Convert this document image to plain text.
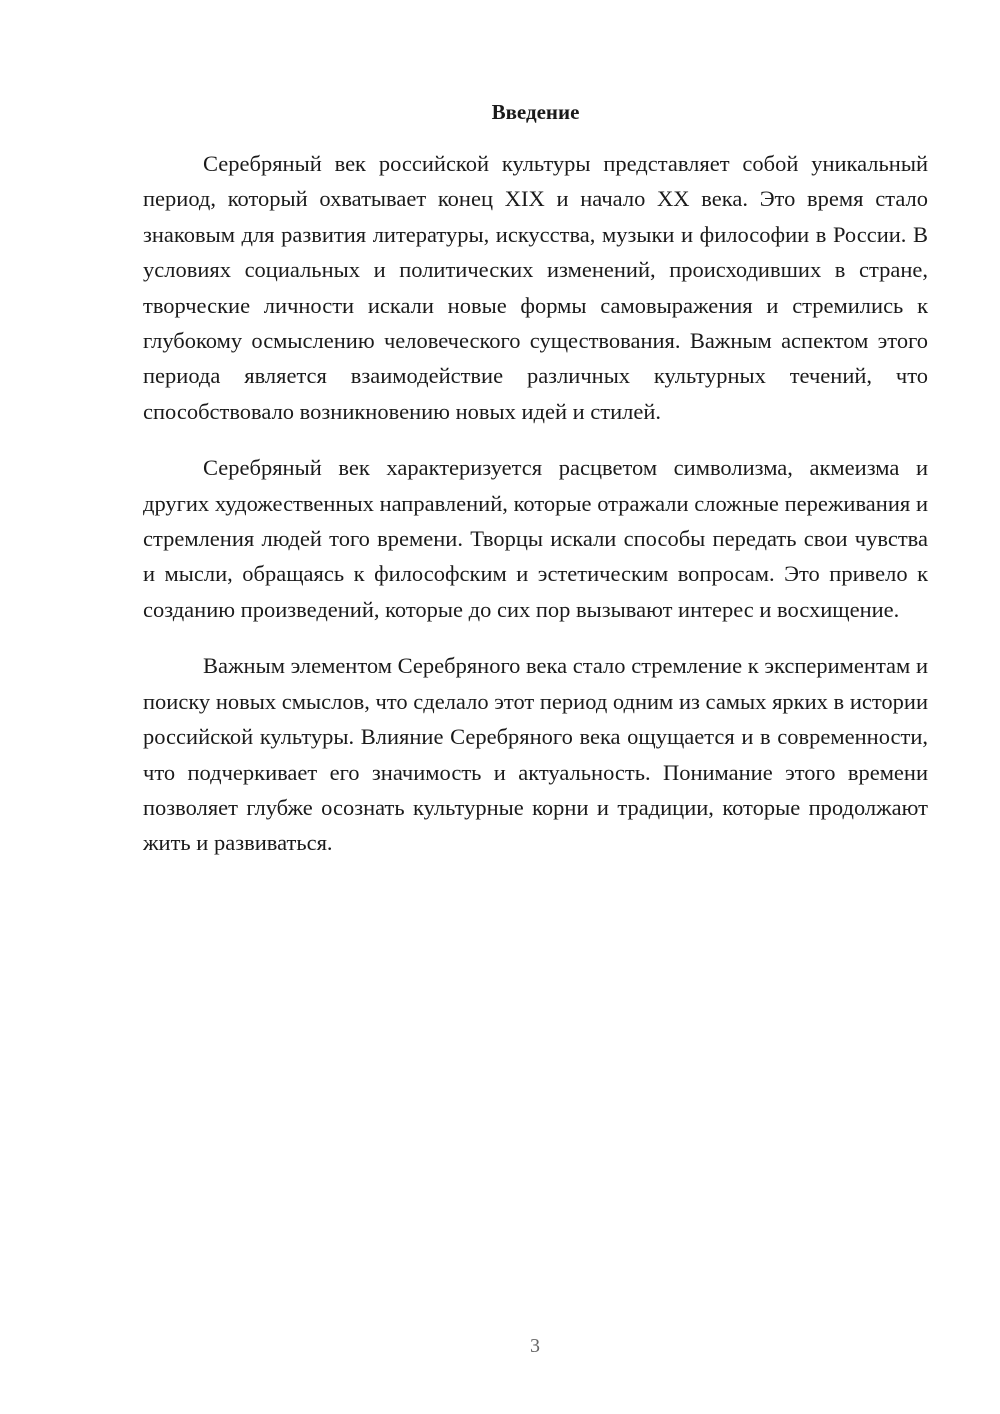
Введение

Серебряный век российской культуры представляет собой уникальный период, который охватывает конец XIX и начало XX века. Это время стало знаковым для развития литературы, искусства, музыки и философии в России. В условиях социальных и политических изменений, происходивших в стране, творческие личности искали новые формы самовыражения и стремились к глубокому осмыслению человеческого существования. Важным аспектом этого периода является взаимодействие различных культурных течений, что способствовало возникновению новых идей и стилей.

Серебряный век характеризуется расцветом символизма, акмеизма и других художественных направлений, которые отражали сложные переживания и стремления людей того времени. Творцы искали способы передать свои чувства и мысли, обращаясь к философским и эстетическим вопросам. Это привело к созданию произведений, которые до сих пор вызывают интерес и восхищение.

Важным элементом Серебряного века стало стремление к экспериментам и поиску новых смыслов, что сделало этот период одним из самых ярких в истории российской культуры. Влияние Серебряного века ощущается и в современности, что подчеркивает его значимость и актуальность. Понимание этого времени позволяет глубже осознать культурные корни и традиции, которые продолжают жить и развиваться.

3
